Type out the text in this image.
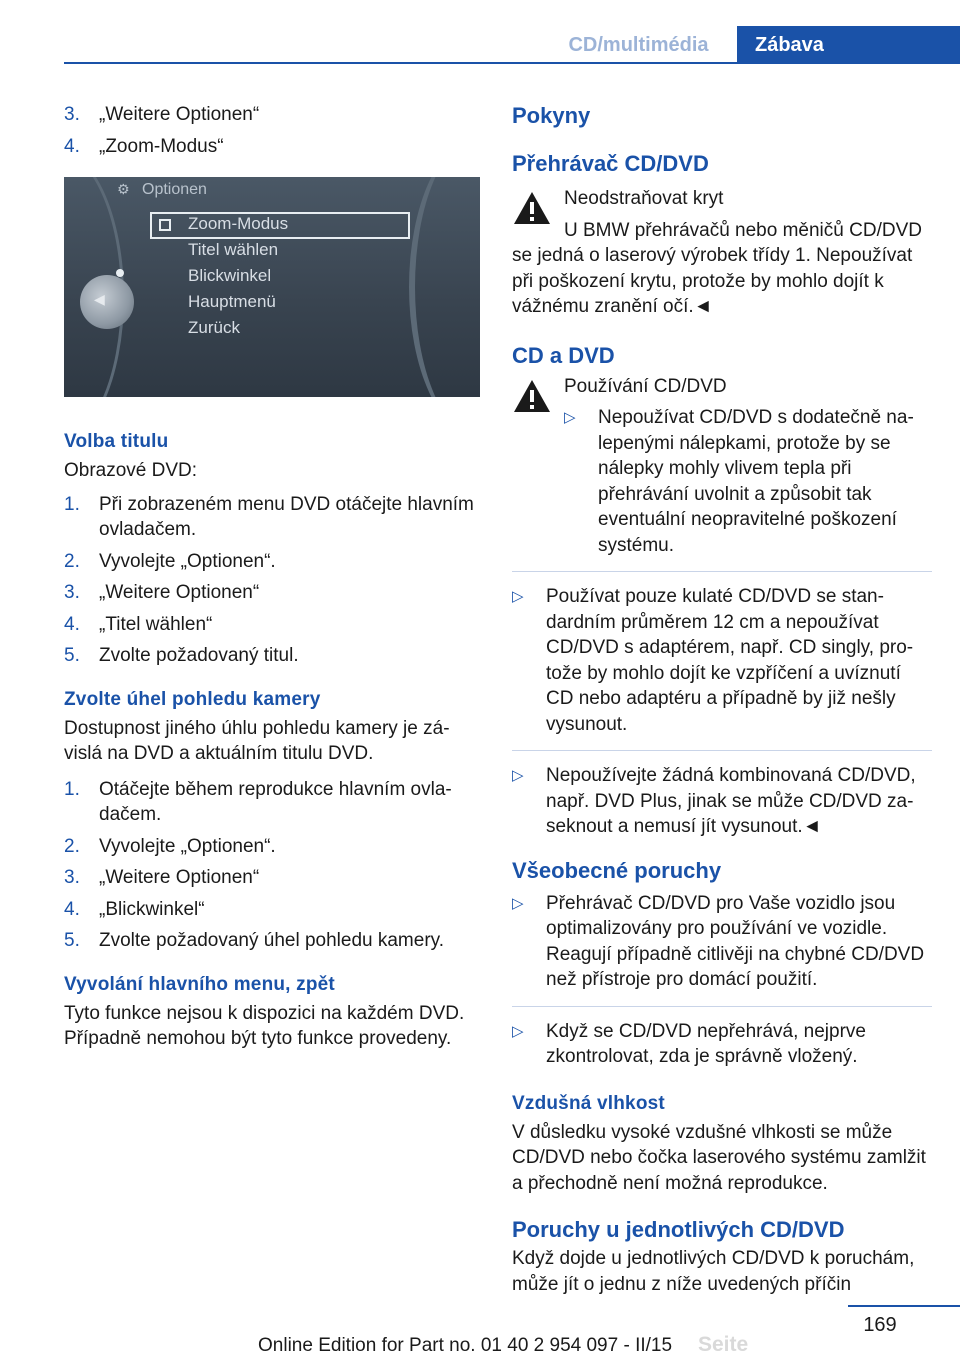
CD/multimédia	Zábava
3. „Weitere Optionen“
4. „Zoom-Modus“
⚙ Optionen
Zoom-Modus
Titel wählen
Blickwinkel
Hauptmenü
Zurück
◀
Volba titulu
Obrazové DVD:
1. Při zobrazeném menu DVD otáčejte hlavním ovladačem.
2. Vyvolejte „Optionen“.
3. „Weitere Optionen“
4. „Titel wählen“
5. Zvolte požadovaný titul.
Zvolte úhel pohledu kamery
Dostupnost jiného úhlu pohledu kamery je závislá na DVD a aktuálním titulu DVD.
1. Otáčejte během reprodukce hlavním ovladačem.
2. Vyvolejte „Optionen“.
3. „Weitere Optionen“
4. „Blickwinkel“
5. Zvolte požadovaný úhel pohledu kamery.
Vyvolání hlavního menu, zpět
Tyto funkce nejsou k dispozici na každém DVD. Případně nemohou být tyto funkce provedeny.
Pokyny
Přehrávač CD/DVD
Neodstraňovat kryt
U BMW přehrávačů nebo měničů CD/DVD se jedná o laserový výrobek třídy 1. Nepoužívat při poškození krytu, protože by mohlo dojít k vážnému zranění očí.◄
CD a DVD
Používání CD/DVD
▷ Nepoužívat CD/DVD s dodatečně nalepenými nálepkami, protože by se nálepky mohly vlivem tepla při přehrávání uvolnit a způsobit tak eventuální neopravitelné poškození systému.
▷ Používat pouze kulaté CD/DVD se standardním průměrem 12 cm a nepoužívat CD/DVD s adaptérem, např. CD singly, protože by mohlo dojít ke vzpříčení a uvíznutí CD nebo adaptéru a případně by již nešly vysunout.
▷ Nepoužívejte žádná kombinovaná CD/DVD, např. DVD Plus, jinak se může CD/DVD zaseknout a nemusí jít vysunout.◄
Všeobecné poruchy
▷ Přehrávač CD/DVD pro Vaše vozidlo jsou optimalizovány pro používání ve vozidle. Reagují případně citlivěji na chybné CD/DVD než přístroje pro domácí použití.
▷ Když se CD/DVD nepřehrává, nejprve zkontrolovat, zda je správně vložený.
Vzdušná vlhkost
V důsledku vysoké vzdušné vlhkosti se může CD/DVD nebo čočka laserového systému zamlžit a přechodně není možná reprodukce.
Poruchy u jednotlivých CD/DVD
Když dojde u jednotlivých CD/DVD k poruchám, může jít o jednu z níže uvedených příčin
169
Seite
Online Edition for Part no. 01 40 2 954 097 - II/15
